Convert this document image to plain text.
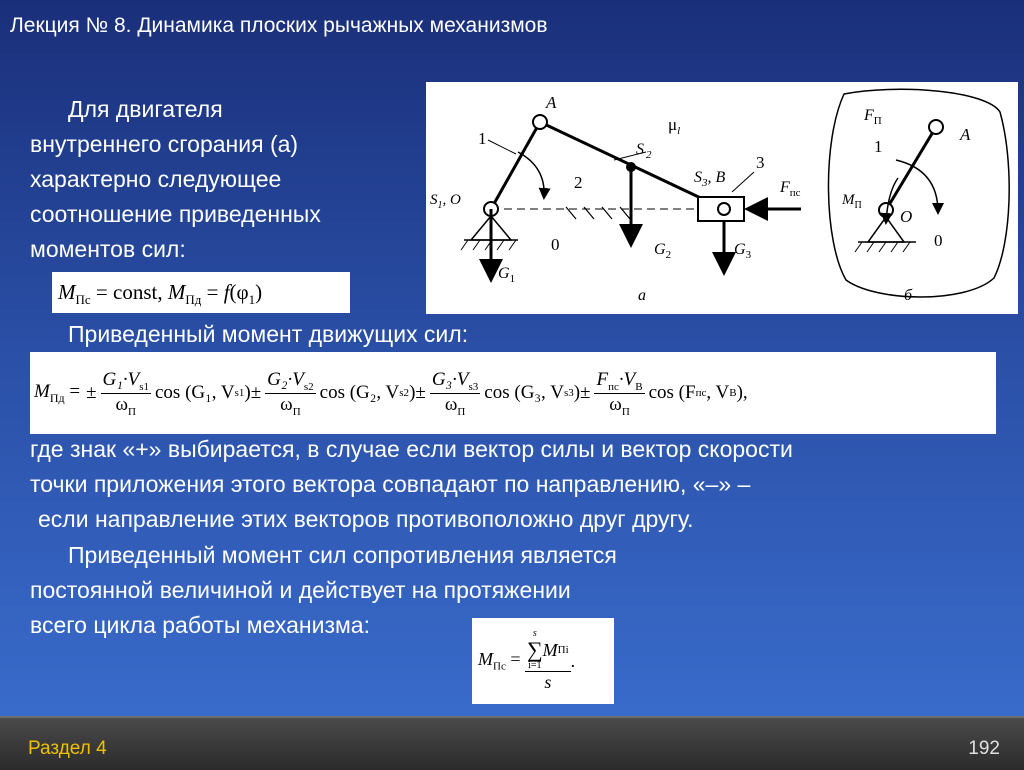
Лекция № 8. Динамика плоских рычажных механизмов
Для двигателя
внутреннего сгорания (а)
характерно следующее
соотношение приведенных
моментов сил:
$M_{Пс}$ = const, $M_{Пд} = f(\varphi_1)$
A
1
S $_2$
$\mu_l$
3
$S_3$, B
$S_1$, O
2
0
$F_{пс}$
$G_1$
$G_2$	$G_3$
а
$F_П$
A
1
$M_П$
O
0
б
Приведенный момент движущих сил:
$M_{Пд}$ = ±
$G_1\cdot V_{s1}$
$\omega_П$
cos
(G₁, V s1 ) ±
$G_2\cdot V_{s2}$
$\omega_П$
cos
(G₂, V s2 ) ±
$G_3\cdot V_{s3}$
$\omega_П$
cos
(G₃, V s3 ) ±
$F_{пс}\cdot V_B$
$\omega_П$
cos
(F пс , V B ),
где знак «+» выбирается, в случае если вектор силы и вектор скорости
точки приложения этого вектора совпадают по направлению, «–» –
если направление этих векторов противоположно друг другу.
Приведенный момент сил сопротивления является
постоянной величиной и действует на протяжении
всего цикла работы механизма:
$M_{Пс}$ =
s
∑
i=1
M Пi
s
.
Раздел 4	192
